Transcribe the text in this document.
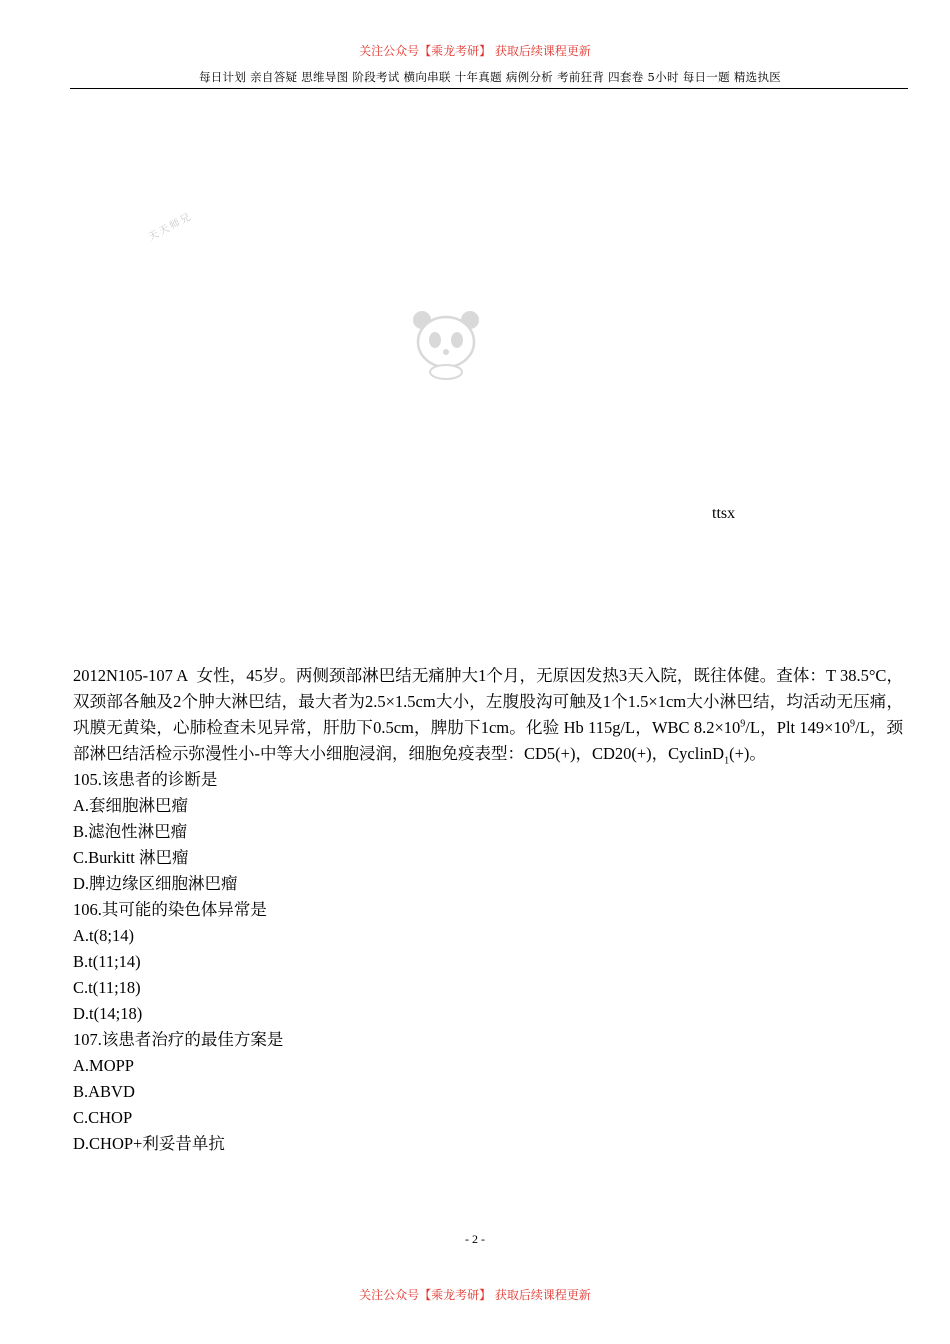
关注公众号【乘龙考研】 获取后续课程更新
每日计划 亲自答疑 思维导图 阶段考试 横向串联 十年真题 病例分析 考前狂背 四套卷 5小时 每日一题 精选执医
天天师兄
ttsx

2012N105-107 A 女性，45岁。两侧颈部淋巴结无痛肿大1个月，无原因发热3天入院，既往体健。查体：T 38.5°C，双颈部各触及2个肿大淋巴结，最大者为2.5×1.5cm大小，左腹股沟可触及1个1.5×1cm大小淋巴结，均活动无压痛，巩膜无黄染，心肺检查未见异常，肝肋下0.5cm，脾肋下1cm。化验 Hb 115g/L，WBC $8.2\times 10^9/L$，Plt $149\times 10^9/L$，颈部淋巴结活检示弥漫性小-中等大小细胞浸润，细胞免疫表型：CD5(+)，CD20(+)，CyclinD$_1$(+)。

105.该患者的诊断是

A.套细胞淋巴瘤

B.滤泡性淋巴瘤

C.Burkitt 淋巴瘤

D.脾边缘区细胞淋巴瘤

106.其可能的染色体异常是

A.t(8;14)

B.t(11;14)

C.t(11;18)

D.t(14;18)

107.该患者治疗的最佳方案是

A.MOPP

B.ABVD

C.CHOP

D.CHOP+利妥昔单抗

- 2 -
关注公众号【乘龙考研】 获取后续课程更新
